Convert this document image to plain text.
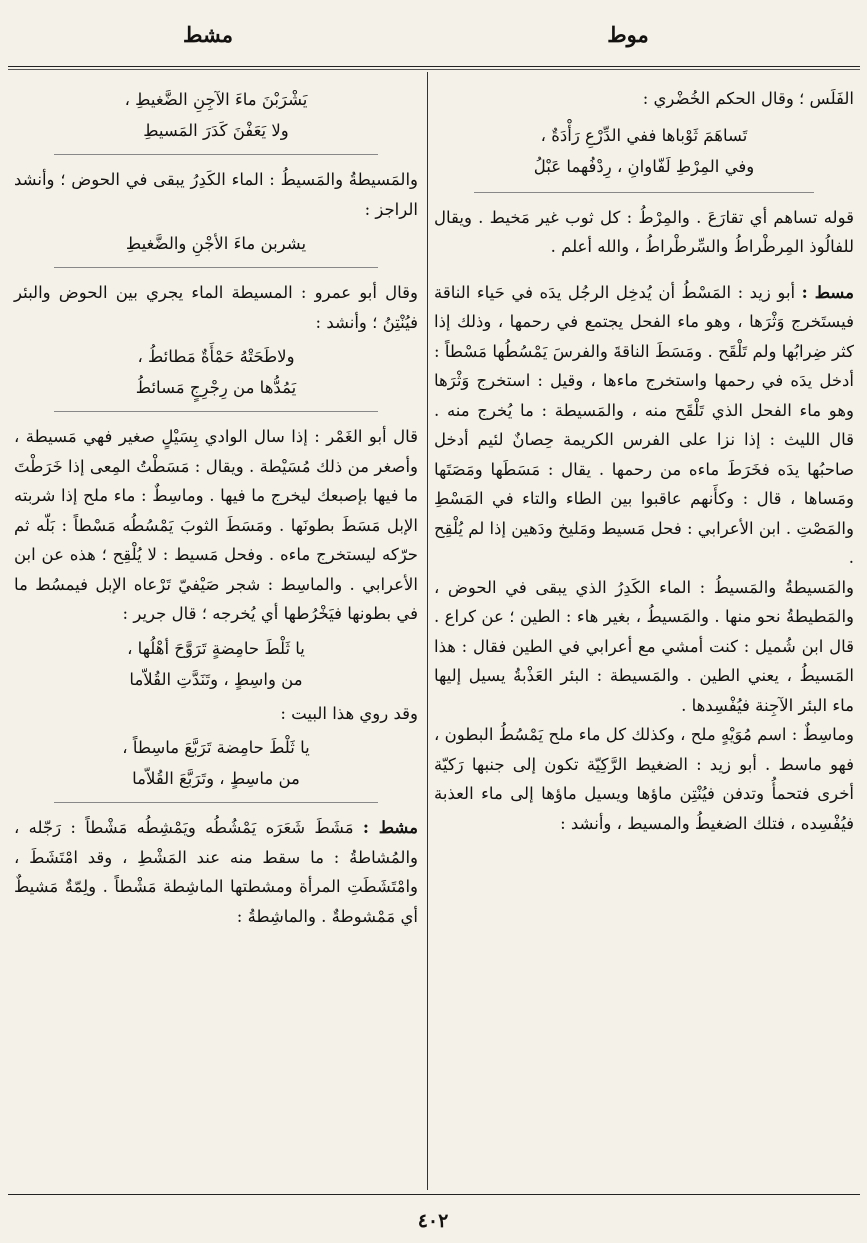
موط
مشط

الفَلَس ؛ وقال الحكم الخُضْري :

تَساهَمَ ثَوْباها ففي الدِّرْعِ رَأْدَةٌ ،
وفي المِرْطِ لَفّاوانِ ، رِدْفُهما عَبْلُ

قوله تساهم أي تقارَعَ . والمِرْطُ : كل ثوب غير مَخيط . ويقال للفالُوذ المِرطْراطُ والسِّرطْراطُ ، والله أعلم .

مسط : أبو زيد : المَسْطُ أن يُدخِل الرجُل يدَه في حَياء الناقة فيستَخرج وَثْرَها ، وهو ماء الفحل يجتمع في رحمها ، وذلك إذا كثر ضِرابُها ولم تَلْقَح . ومَسَطَ الناقةَ والفرسَ يَمْسُطُها مَسْطاً : أدخل يدَه في رحمها واستخرج ماءها ، وقيل : استخرج وَثْرَها وهو ماء الفحل الذي تَلْقَح منه ، والمَسيطة : ما يُخرج منه . قال الليث : إذا نزا على الفرس الكريمة حِصانٌ لئيم أدخل صاحبُها يدَه فخَرَطَ ماءه من رحمها . يقال : مَسَطَها ومَصَتَها ومَساها ، قال : وكأَنهم عاقبوا بين الطاء والتاء في المَسْطِ والمَصْتِ . ابن الأعرابي : فحل مَسيط ومَليخ ودَهين إذا لم يُلْقِح .

والمَسيطةُ والمَسيطُ : الماء الكَدِرُ الذي يبقى في الحوض ، والمَطيطةُ نحو منها . والمَسيطُ ، بغير هاء : الطين ؛ عن كراع . قال ابن شُميل : كنت أمشي مع أعرابي في الطين فقال : هذا المَسيطُ ، يعني الطين . والمَسيطة : البئر العَذْبةُ يسيل إليها ماء البئر الآجِنة فيُفْسِدها .

وماسِطٌ : اسم مُوَيْهٍ ملح ، وكذلك كل ماء ملح يَمْسُطُ البطون ، فهو ماسط . أبو زيد : الضغيط الرَّكِيّة تكون إلى جنبها رَكيّة أخرى فتحمأُ وتدفن فيُنْتِن ماؤها ويسيل ماؤها إلى ماء العذبة فيُفْسِده ، فتلك الضغيطُ والمسيط ، وأنشد :

يَشْرَبْنَ ماءَ الآجِنِ الضَّغيطِ ،
ولا يَعَفْنَ كَدَرَ المَسيطِ

والمَسيطةُ والمَسيطُ : الماء الكَدِرُ يبقى في الحوض ؛ وأنشد الراجز :

يشربن ماءَ الأجْنِ والضَّغيطِ

وقال أبو عمرو : المسيطة الماء يجري بين الحوض والبئر فيُنْتِنُ ؛ وأنشد :

ولاطَحَتْهُ حَمْأَةٌ مَطائطُ ،
يَمُدُّها من رِجْرِجٍ مَسائطُ

قال أبو الغَمْر : إذا سال الوادي بِسَيْلٍ صغير فهي مَسيطة ، وأصغر من ذلك مُسَيْطة . ويقال : مَسَطْتُ المِعى إذا خَرَطْتَ ما فيها بإصبعك ليخرج ما فيها . وماسِطٌ : ماء ملح إذا شربته الإبل مَسَطَ بطونَها . ومَسَطَ الثوبَ يَمْسُطُه مَسْطاً : بَلّه ثم حرّكه ليستخرج ماءه . وفحل مَسيط : لا يُلْقِح ؛ هذه عن ابن الأعرابي . والماسِط : شجر صَيْفيّ تَرْعاه الإبل فيمسُط ما في بطونها فيَخْرُطها أي يُخرجه ؛ قال جرير :

يا ثَلْطَ حامِضةٍ تَرَوَّحَ أهْلُها ،
من واسِطٍ ، وتَنَدَّتِ القُلاّما

وقد روي هذا البيت :

يا ثَلْطَ حامِضة تَرَبَّعَ ماسِطاً ،
من ماسِطٍ ، وتَرَبَّعَ القُلاّما

مشط : مَشَطَ شَعَرَه يَمْشُطُه ويَمْشِطُه مَشْطاً : رَجّله ، والمُشاطةُ : ما سقط منه عند المَشْطِ ، وقد امْتَشَطَ ، وامْتَشَطَتِ المرأة ومشطتها الماشِطة مَشْطاً . ولِمّةٌ مَشيطٌ أي مَمْشوطةٌ . والماشِطةُ :

٤٠٢
